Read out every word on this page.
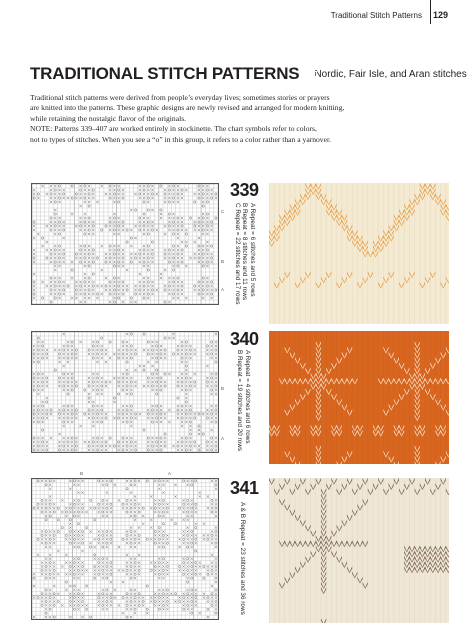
Traditional Stitch Patterns 129
TRADITIONAL STITCH PATTERNS Nordic, Fair Isle, and Aran stitches

Traditional stitch patterns were derived from people’s everyday lives; sometimes stories or prayers

are knitted into the patterns. These graphic designs are newly revised and arranged for modern knitting,

while retaining the nostalgic flavor of the originals.

NOTE: Patterns 339–407 are worked entirely in stockinette. The chart symbols refer to colors,

not to types of stitches. When you see a “o” in this group, it refers to a color rather than a yarnover.

C
B
A
339
A Repeat = 6 stitches and 5 rows
B Repeat = 8 stitches and 11 rows
C Repeat = 22 stitches and 17 rows
B
A
340
A Repeat = 4 stitches and 6 rows
B Repeat = 19 stitches and 20 rows
B	A
341
A & B Repeat = 23 stitches and 36 rows
